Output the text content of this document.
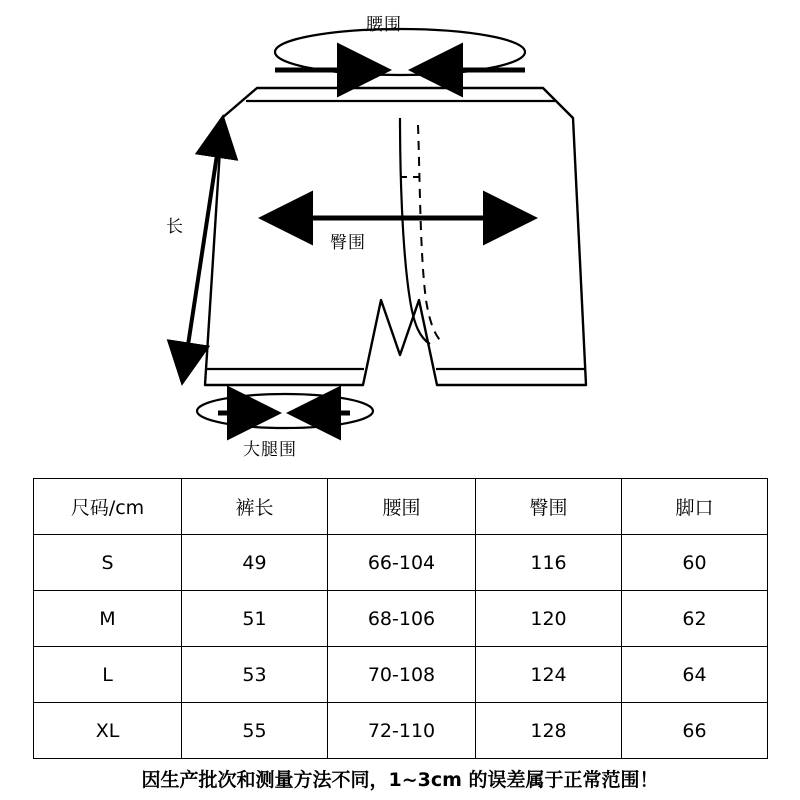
腰围
臀围
长
大腿围
尺码/cm	裤长	腰围	臀围	脚口
S	49	66-104	116	60
M	51	68-106	120	62
L	53	70-108	124	64
XL	55	72-110	128	66
因生产批次和测量方法不同，1~3cm 的误差属于正常范围！
